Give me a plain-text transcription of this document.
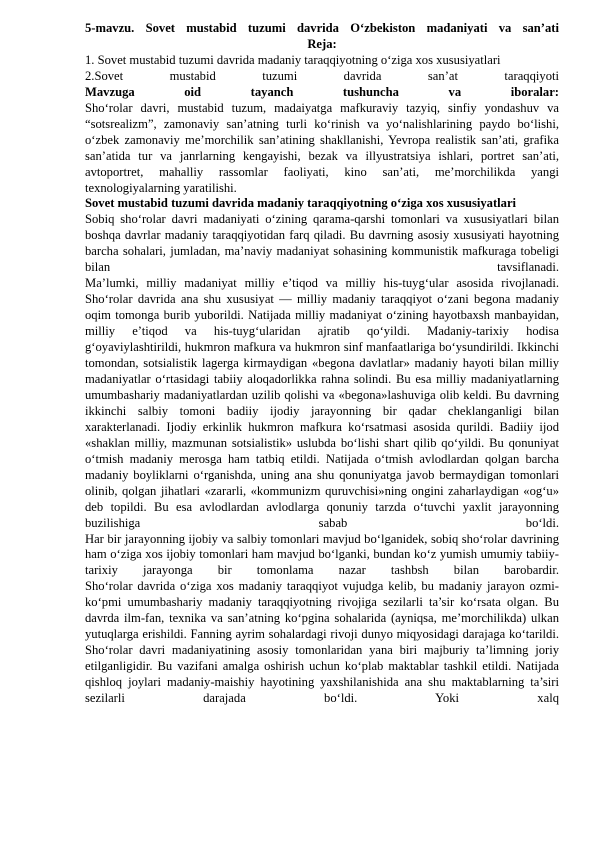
5-mavzu. Sovet mustabid tuzumi davrida O‘zbekiston madaniyati va san’ati

Reja:

1. Sovet mustabid tuzumi davrida madaniy taraqqiyotning o‘ziga xos xususiyatlari

2.Sovet mustabid tuzumi davrida san’at taraqqiyoti

Mavzuga oid tayanch tushuncha va iboralar:

Sho‘rolar davri, mustabid tuzum, madaiyatga mafkuraviy tazyiq, sinfiy yondashuv va “sotsrealizm”, zamonaviy san’atning turli ko‘rinish va yo‘nalishlarining paydo bo‘lishi, o‘zbek zamonaviy me’morchilik san’atining shakllanishi, Yevropa realistik san’ati, grafika san’atida tur va janrlarning kengayishi, bezak va illyustratsiya ishlari, portret san’ati, avtoportret, mahalliy rassomlar faoliyati, kino san’ati, me’morchilikda yangi texnologiyalarning yaratilishi.

Sovet mustabid tuzumi davrida madaniy taraqqiyotning o‘ziga xos xususiyatlari

Sobiq sho‘rolar davri madaniyati o‘zining qarama-qarshi tomonlari va xususiyatlari bilan boshqa davrlar madaniy taraqqiyotidan farq qiladi. Bu davrning asosiy xususiyati hayotning barcha sohalari, jumladan, ma’naviy madaniyat sohasining kommunistik mafkuraga tobeligi bilan tavsiflanadi.

Ma’lumki, milliy madaniyat milliy e’tiqod va milliy his-tuyg‘ular asosida rivojlanadi. Sho‘rolar davrida ana shu xususiyat — milliy madaniy taraqqiyot o‘zani begona madaniy oqim tomonga burib yuborildi. Natijada milliy madaniyat o‘zining hayotbaxsh manbayidan, milliy e’tiqod va his-tuyg‘ularidan ajratib qo‘yildi. Madaniy-tarixiy hodisa g‘oyaviylashtirildi, hukmron mafkura va hukmron sinf manfaatlariga bo‘ysundirildi. Ikkinchi tomondan, sotsialistik lagerga kirmaydigan «begona davlatlar» madaniy hayoti bilan milliy madaniyatlar o‘rtasidagi tabiiy aloqadorlikka rahna solindi. Bu esa milliy madaniyatlarning umumbashariy madaniyatlardan uzilib qolishi va «begona»lashuviga olib keldi. Bu davrning ikkinchi salbiy tomoni badiiy ijodiy jarayonning bir qadar cheklanganligi bilan xarakterlanadi. Ijodiy erkinlik hukmron mafkura ko‘rsatmasi asosida qurildi. Badiiy ijod «shaklan milliy, mazmunan sotsialistik» uslubda bo‘lishi shart qilib qo‘yildi. Bu qonuniyat o‘tmish madaniy merosga ham tatbiq etildi. Natijada o‘tmish avlodlardan qolgan barcha madaniy boyliklarni o‘rganishda, uning ana shu qonuniyatga javob bermaydigan tomonlari olinib, qolgan jihatlari «zararli, «kommunizm quruvchisi»ning ongini zaharlaydigan «og‘u» deb topildi. Bu esa avlodlardan avlodlarga qonuniy tarzda o‘tuvchi yaxlit jarayonning buzilishiga sabab bo‘ldi.

Har bir jarayonning ijobiy va salbiy tomonlari mavjud bo‘lganidek, sobiq sho‘rolar davrining ham o‘ziga xos ijobiy tomonlari ham mavjud bo‘lganki, bundan ko‘z yumish umumiy tabiiy-tarixiy jarayonga bir tomonlama nazar tashbsh bilan barobardir.

Sho‘rolar davrida o‘ziga xos madaniy taraqqiyot vujudga kelib, bu madaniy jarayon ozmi-ko‘pmi umumbashariy madaniy taraqqiyotning rivojiga sezilarli ta’sir ko‘rsata olgan. Bu davrda ilm-fan, texnika va san’atning ko‘pgina sohalarida (ayniqsa, me’morchilikda) ulkan yutuqlarga erishildi. Fanning ayrim sohalardagi rivoji dunyo miqyosidagi darajaga ko‘tarildi.

Sho‘rolar davri madaniyatining asosiy tomonlaridan yana biri majburiy ta’limning joriy etilganligidir. Bu vazifani amalga oshirish uchun ko‘plab maktablar tashkil etildi. Natijada qishloq joylari madaniy-maishiy hayotining yaxshilanishida ana shu maktablarning ta’siri sezilarli darajada bo‘ldi. Yoki xalq
